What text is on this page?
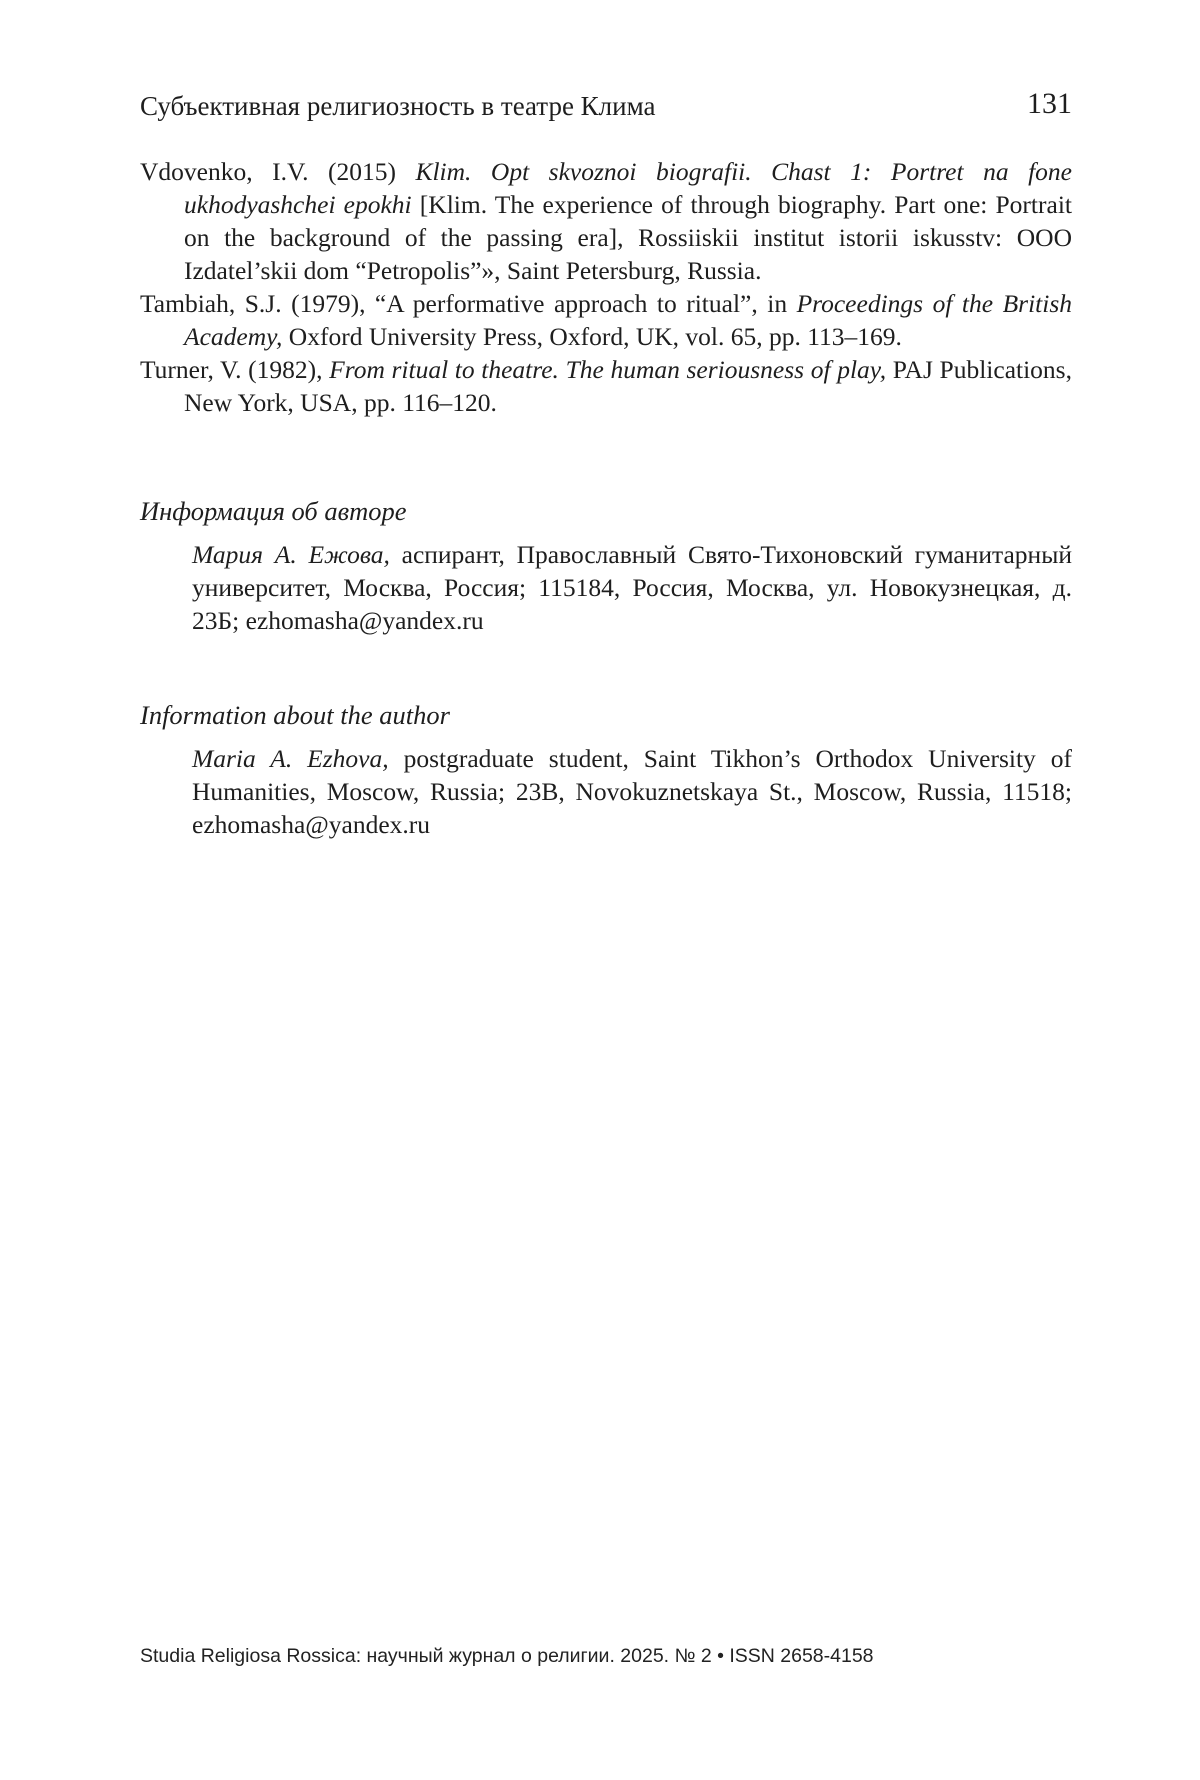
Субъективная религиозность в театре Клима	131

Vdovenko, I.V. (2015) Klim. Opt skvoznoi biografii. Chast 1: Portret na fone ukhodyashchei epokhi [Klim. The experience of through biography. Part one: Portrait on the background of the passing era], Rossiiskii institut istorii iskusstv: OOO Izdatel’skii dom “Petropolis”», Saint Petersburg, Russia.

Tambiah, S.J. (1979), “A performative approach to ritual”, in Proceedings of the British Academy, Oxford University Press, Oxford, UK, vol. 65, pp. 113–169.

Turner, V. (1982), From ritual to theatre. The human seriousness of play, PAJ Publications, New York, USA, pp. 116–120.

Информация об авторе

Мария А. Ежова, аспирант, Православный Свято-Тихоновский гуманитарный университет, Москва, Россия; 115184, Россия, Москва, ул. Новокузнецкая, д. 23Б; ezhomasha@yandex.ru

Information about the author

Maria A. Ezhova, postgraduate student, Saint Tikhon’s Orthodox University of Humanities, Moscow, Russia; 23B, Novokuznetskaya St., Moscow, Russia, 11518; ezhomasha@yandex.ru

Studia Religiosa Rossica: научный журнал о религии. 2025. № 2 • ISSN 2658-4158
